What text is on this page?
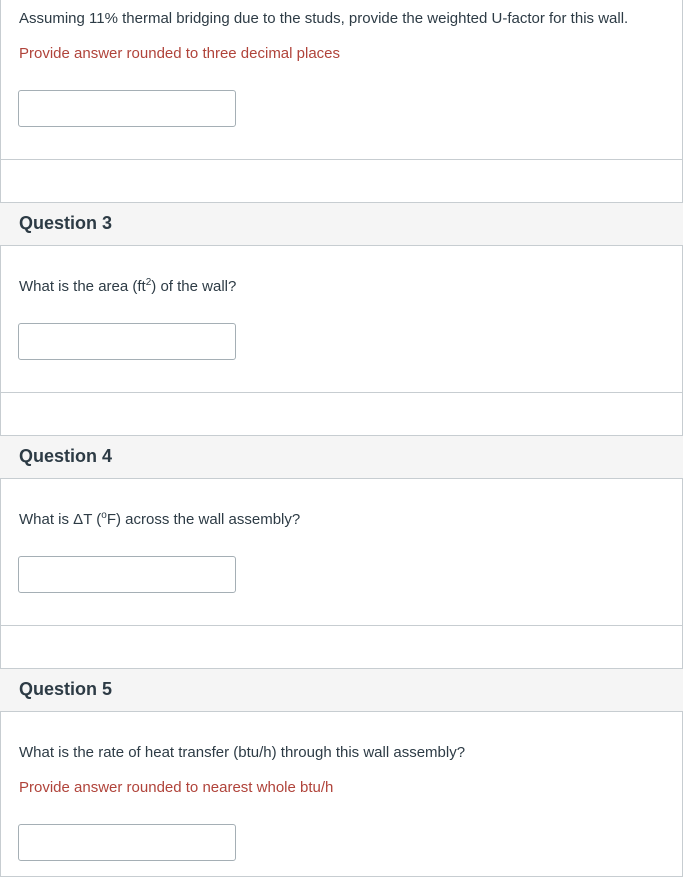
Assuming 11% thermal bridging due to the studs, provide the weighted U-factor for this wall.
Provide answer rounded to three decimal places
Question 3
What is the area $(ft^2)$ of the wall?
Question 4
What is ΔT ($^o$F) across the wall assembly?
Question 5
What is the rate of heat transfer (btu/h) through this wall assembly?
Provide answer rounded to nearest whole btu/h
